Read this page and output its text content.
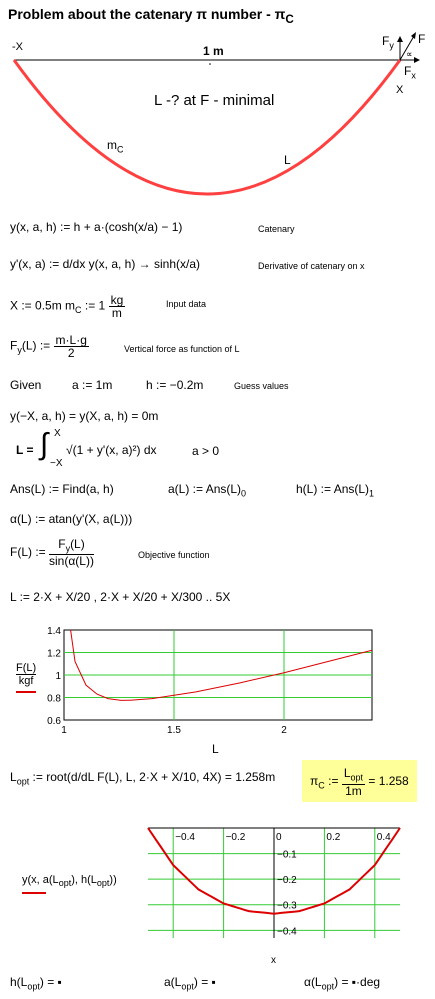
Problem about the catenary π number - $\pi_C$
-X	1 m
L -? at F - minimal
$m_C$
L
$F_y$ F
∝
$F_x$
X
y(x, a, h) := h + a·(cosh(x/a) − 1)	Catenary
y'(x, a) := d/dx y(x, a, h) → sinh(x/a)	Derivative of catenary on x
X := 0.5m $m_C$ := $1 \frac{kg}{m}$	Input data
$F_y(L)$ := $\frac{m\cdot L\cdot g}{2}$	Vertical force as function of L
Given	a := 1m	h := −0.2m	Guess values
y(−X, a, h) = y(X, a, h) = 0m
L = ∫ X
−X
√(1 + y'(x, a)²) dx	a > 0
Ans(L) := Find(a, h)	a(L) := $Ans(L)_0$	h(L) := $Ans(L)_1$
α(L) := atan(y'(X, a(L)))
F(L) := $\frac{F_y(L)}{\sin(\alpha(L))}$	Objective function
L := 2·X + X/20 , 2·X + X/20 + X/300 .. 5X
F(L)
kgf
1.4
1.2
1
0.8
0.6
1	1.5	2
L
$L_{opt}$ := root(d/dL F(L), L, 2·X + X/10, 4X) = 1.258m	$\pi_C$ := $\frac{L_{opt}}{1m} = 1.258$
y(x, $a(L_{opt})$, $h(L_{opt})$)
−0.4	−0.2	0	0.2	0.4
−0.1
−0.2
−0.3
−0.4
x
$h(L_{opt})$ = ▪	$a(L_{opt})$ = ▪	$\alpha(L_{opt})$ = ▪·deg
